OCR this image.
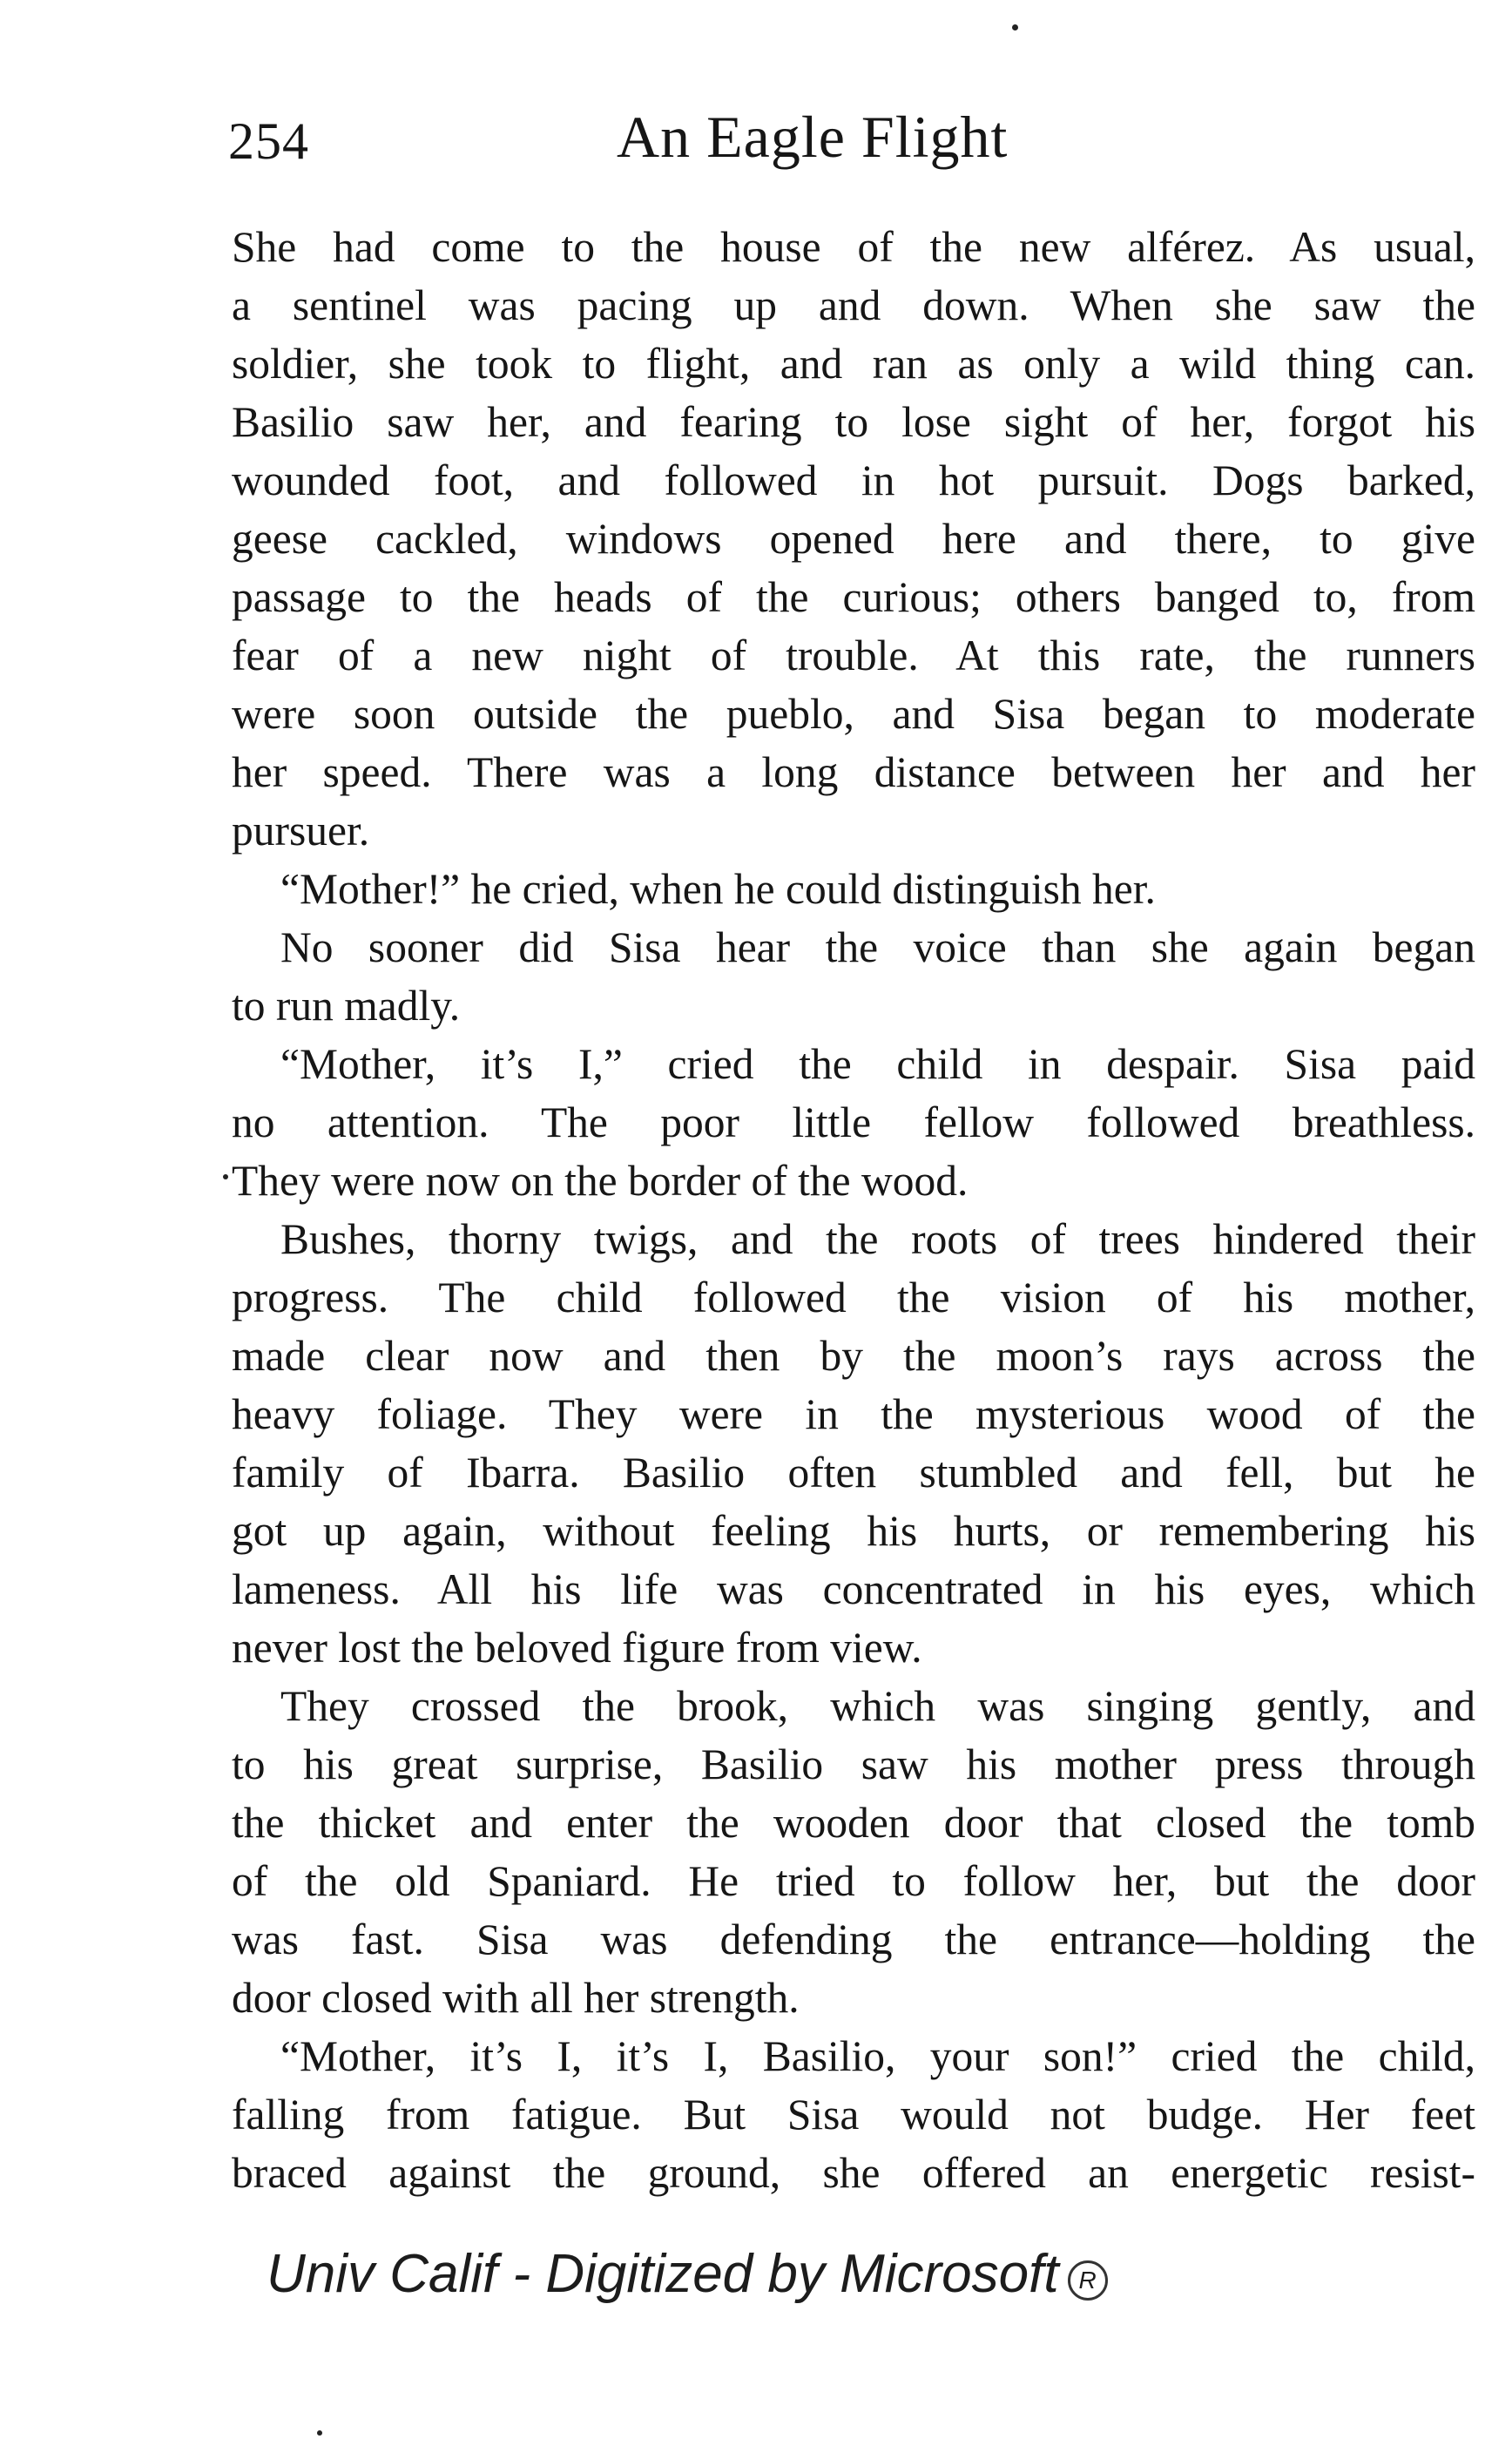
254	An Eagle Flight
She had come to the house of the new alférez. As usual,
a sentinel was pacing up and down. When she saw the
soldier, she took to flight, and ran as only a wild thing can.
Basilio saw her, and fearing to lose sight of her, forgot his
wounded foot, and followed in hot pursuit. Dogs barked,
geese cackled, windows opened here and there, to give
passage to the heads of the curious; others banged to, from
fear of a new night of trouble. At this rate, the runners
were soon outside the pueblo, and Sisa began to moderate
her speed. There was a long distance between her and her
pursuer.
“Mother!” he cried, when he could distinguish her.
No sooner did Sisa hear the voice than she again began
to run madly.
“Mother, it’s I,” cried the child in despair. Sisa paid
no attention. The poor little fellow followed breathless.
They were now on the border of the wood.
Bushes, thorny twigs, and the roots of trees hindered their
progress. The child followed the vision of his mother,
made clear now and then by the moon’s rays across the
heavy foliage. They were in the mysterious wood of the
family of Ibarra. Basilio often stumbled and fell, but he
got up again, without feeling his hurts, or remembering his
lameness. All his life was concentrated in his eyes, which
never lost the beloved figure from view.
They crossed the brook, which was singing gently, and
to his great surprise, Basilio saw his mother press through
the thicket and enter the wooden door that closed the tomb
of the old Spaniard. He tried to follow her, but the door
was fast. Sisa was defending the entrance—holding the
door closed with all her strength.
“Mother, it’s I, it’s I, Basilio, your son!” cried the child,
falling from fatigue. But Sisa would not budge. Her feet
braced against the ground, she offered an energetic resist-
Univ Calif - Digitized by Microsoft R
